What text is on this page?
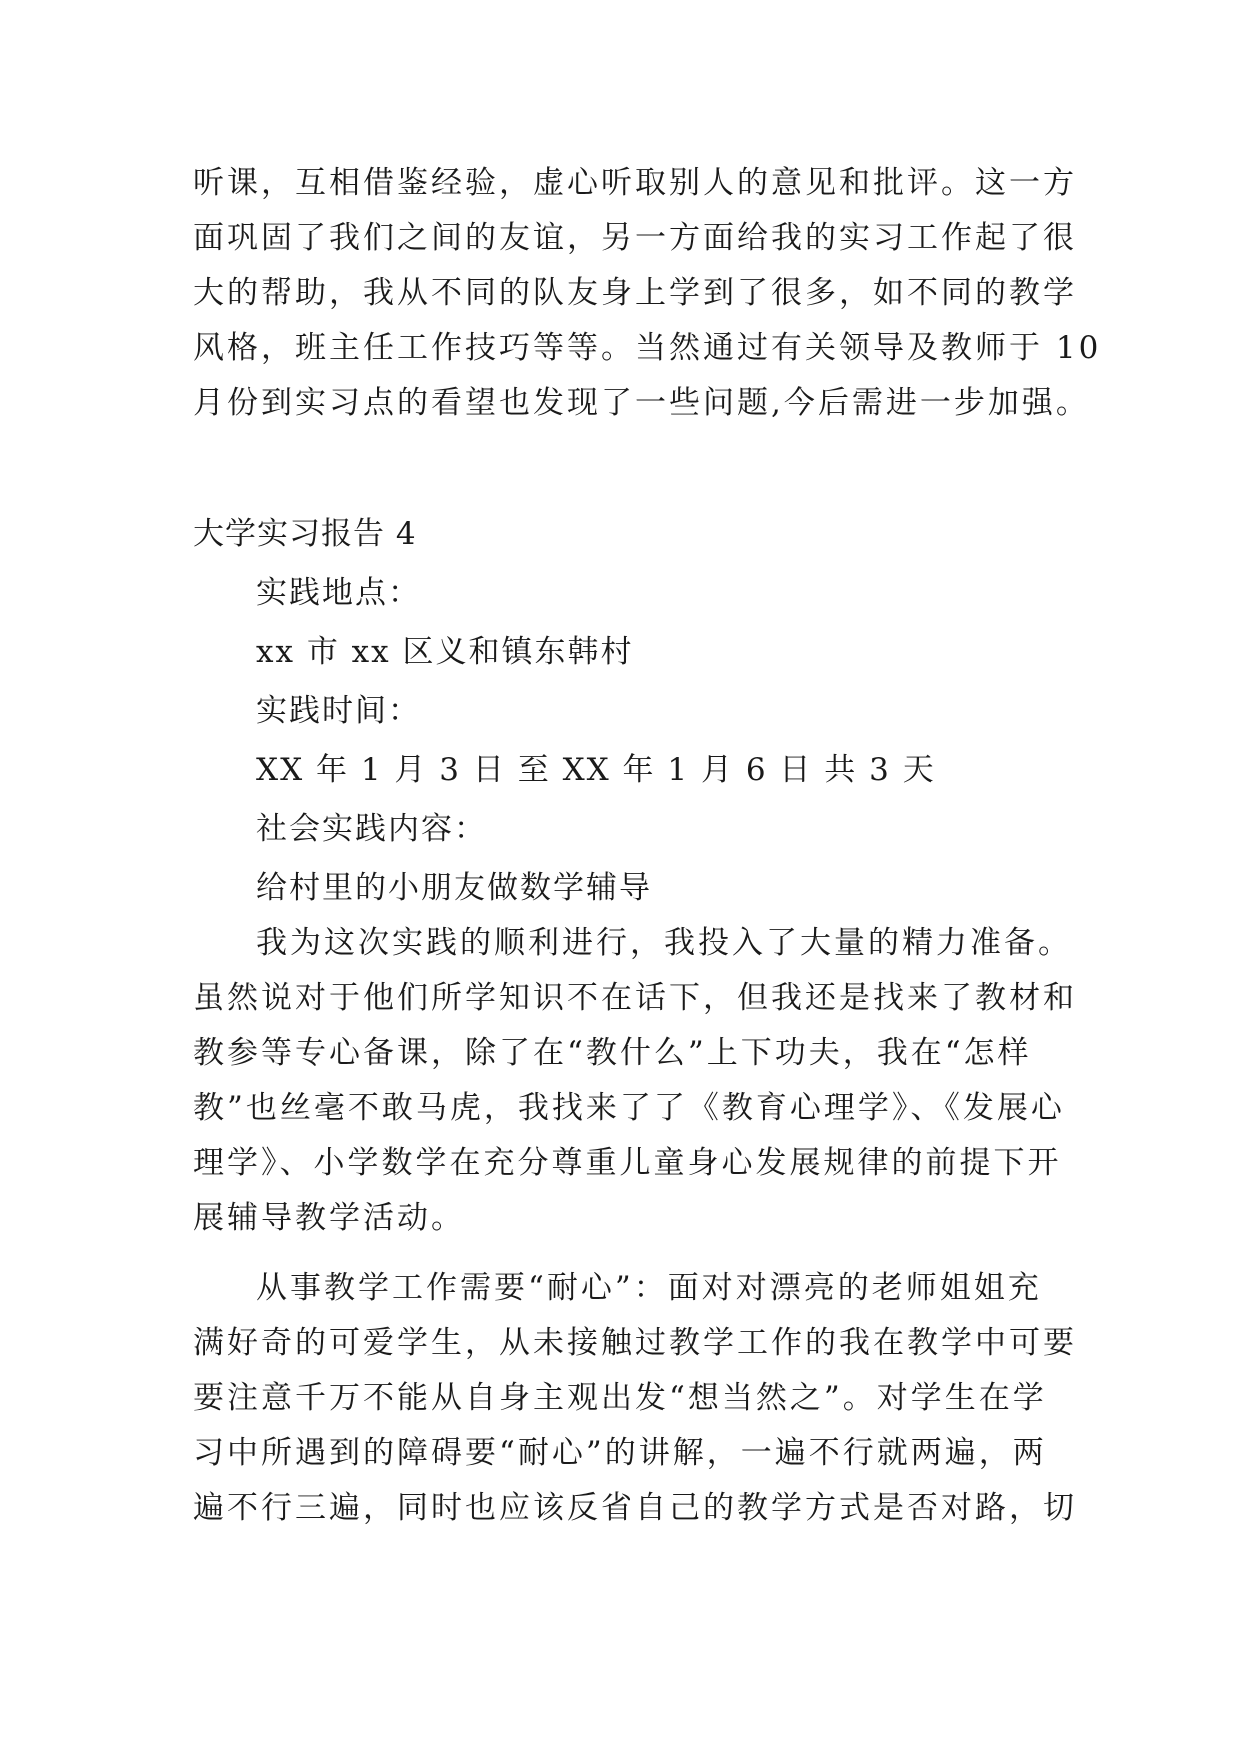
听课，互相借鉴经验，虚心听取别人的意见和批评。这一方
面巩固了我们之间的友谊，另一方面给我的实习工作起了很
大的帮助，我从不同的队友身上学到了很多，如不同的教学
风格，班主任工作技巧等等。当然通过有关领导及教师于 10
月份到实习点的看望也发现了一些问题,今后需进一步加强。
大学实习报告 4
实践地点：
xx 市 xx 区义和镇东韩村
实践时间：
XX 年 1 月 3 日 至 XX 年 1 月 6 日 共 3 天
社会实践内容：
给村里的小朋友做数学辅导
我为这次实践的顺利进行，我投入了大量的精力准备。
虽然说对于他们所学知识不在话下，但我还是找来了教材和
教参等专心备课，除了在“教什么”上下功夫，我在“怎样
教”也丝毫不敢马虎，我找来了了《教育心理学》、《发展心
理学》、小学数学在充分尊重儿童身心发展规律的前提下开
展辅导教学活动。
从事教学工作需要“耐心”：面对对漂亮的老师姐姐充
满好奇的可爱学生，从未接触过教学工作的我在教学中可要
要注意千万不能从自身主观出发“想当然之”。对学生在学
习中所遇到的障碍要“耐心”的讲解，一遍不行就两遍，两
遍不行三遍，同时也应该反省自己的教学方式是否对路，切
